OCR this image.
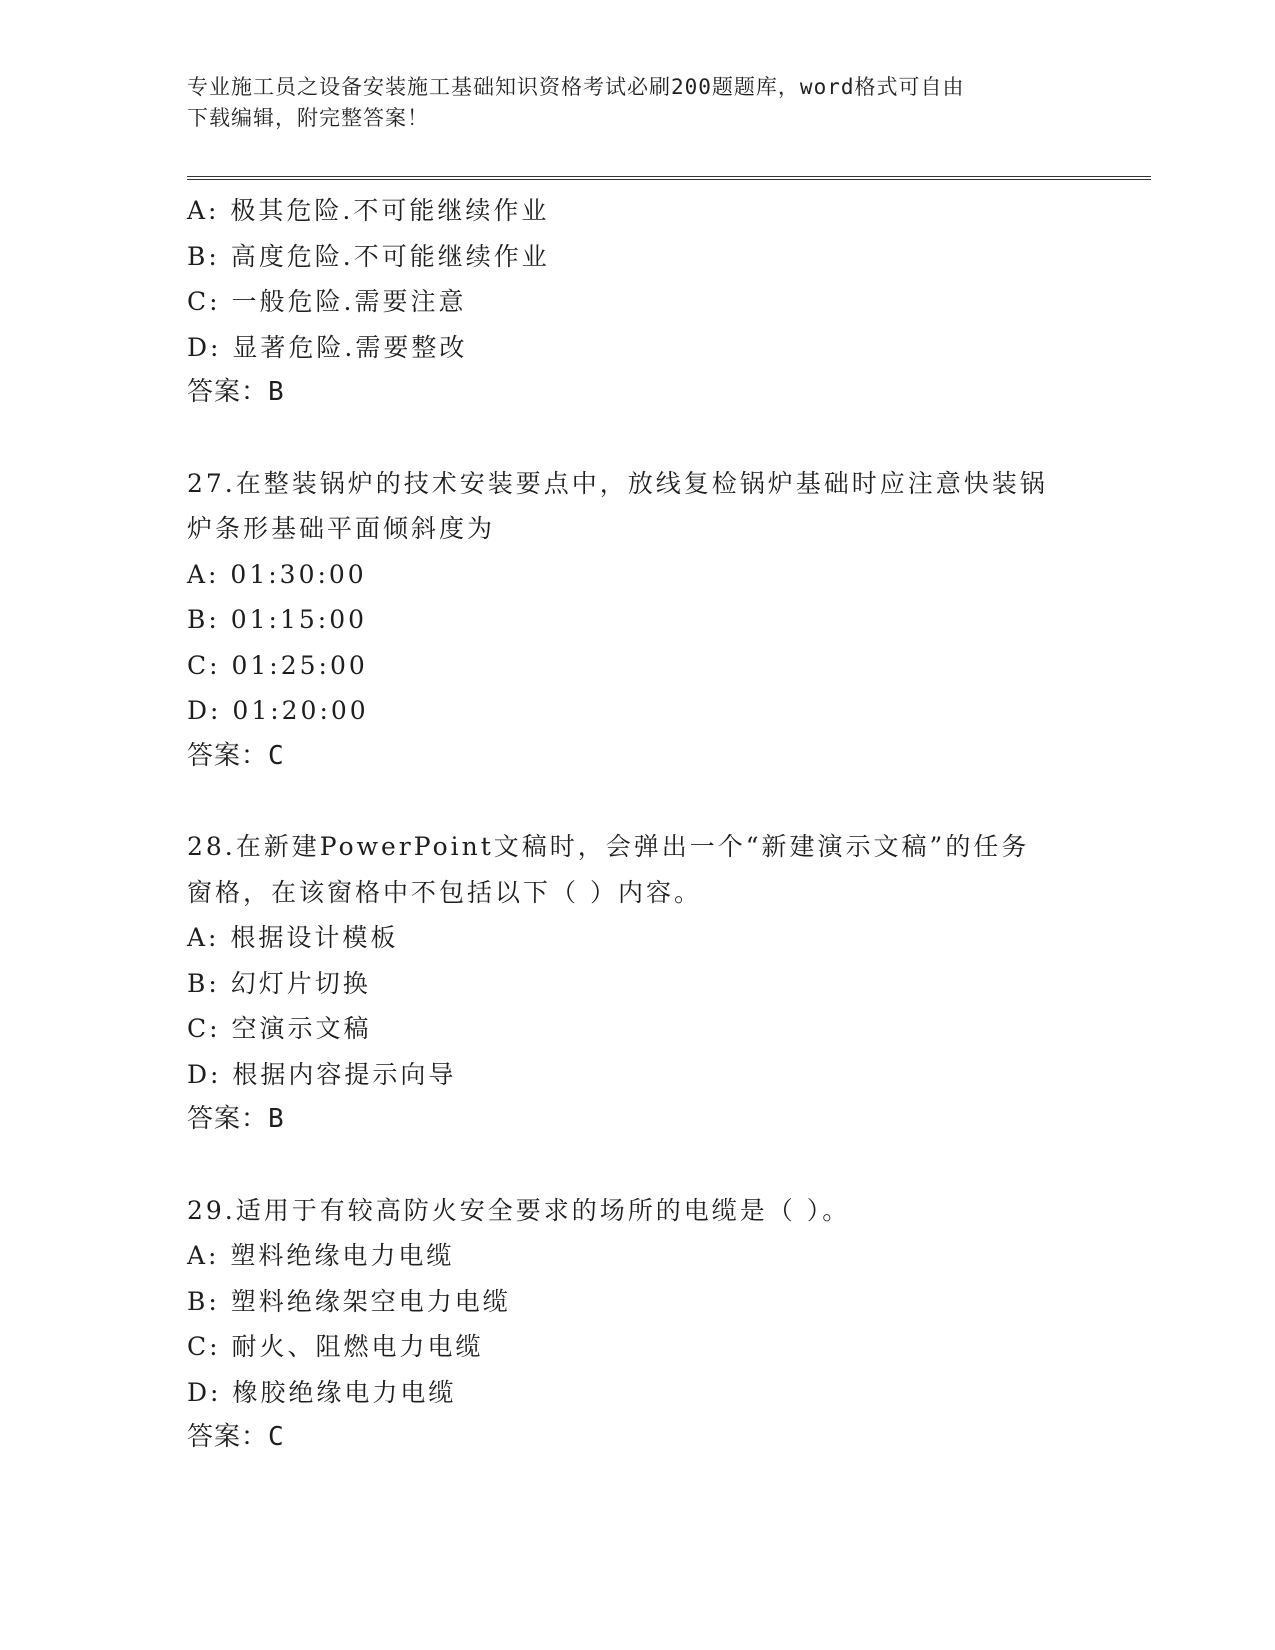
专业施工员之设备安装施工基础知识资格考试必刷200题题库，word格式可自由
下载编辑，附完整答案！
A: 极其危险.不可能继续作业
B: 高度危险.不可能继续作业
C: 一般危险.需要注意
D: 显著危险.需要整改
答案：B
27.在整装锅炉的技术安装要点中，放线复检锅炉基础时应注意快装锅
炉条形基础平面倾斜度为
A: 01:30:00
B: 01:15:00
C: 01:25:00
D: 01:20:00
答案：C
28.在新建PowerPoint文稿时，会弹出一个“新建演示文稿”的任务
窗格，在该窗格中不包括以下（ ）内容。
A: 根据设计模板
B: 幻灯片切换
C: 空演示文稿
D: 根据内容提示向导
答案：B
29.适用于有较高防火安全要求的场所的电缆是（ ）。
A: 塑料绝缘电力电缆
B: 塑料绝缘架空电力电缆
C: 耐火、阻燃电力电缆
D: 橡胶绝缘电力电缆
答案：C
